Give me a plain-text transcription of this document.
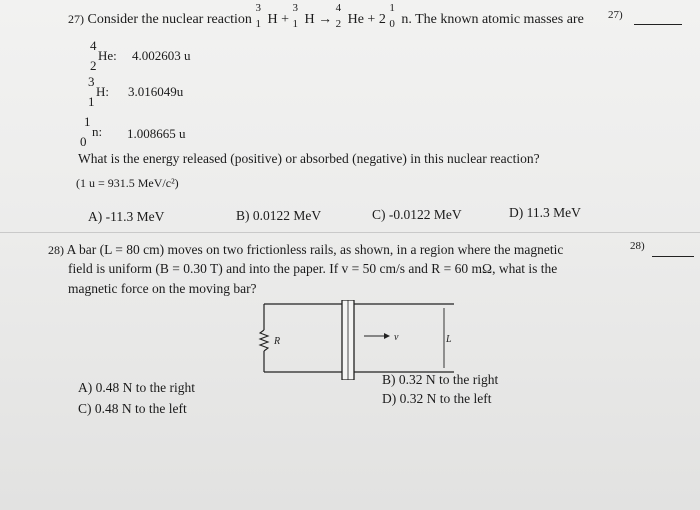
27) Consider the nuclear reaction
3
1 H +
3
1 H →
4
2 He + 2
1
0 n. The known atomic masses are 27)
4
2
He: 4.002603 u
3
1
H: 3.016049u
1
0
n: 1.008665 u
What is the energy released (positive) or absorbed (negative) in this nuclear reaction?
(1 u = 931.5 MeV/c²)
A) -11.3 MeV	B) 0.0122 MeV	C) -0.0122 MeV	D) 11.3 MeV
28) A bar (L = 80 cm) moves on two frictionless rails, as shown, in a region where the magnetic
field is uniform (B = 0.30 T) and into the paper. If v = 50 cm/s and R = 60 mΩ, what is the
magnetic force on the moving bar?
28)
R	v	L
A) 0.48 N to the right
C) 0.48 N to the left
B) 0.32 N to the right
D) 0.32 N to the left
